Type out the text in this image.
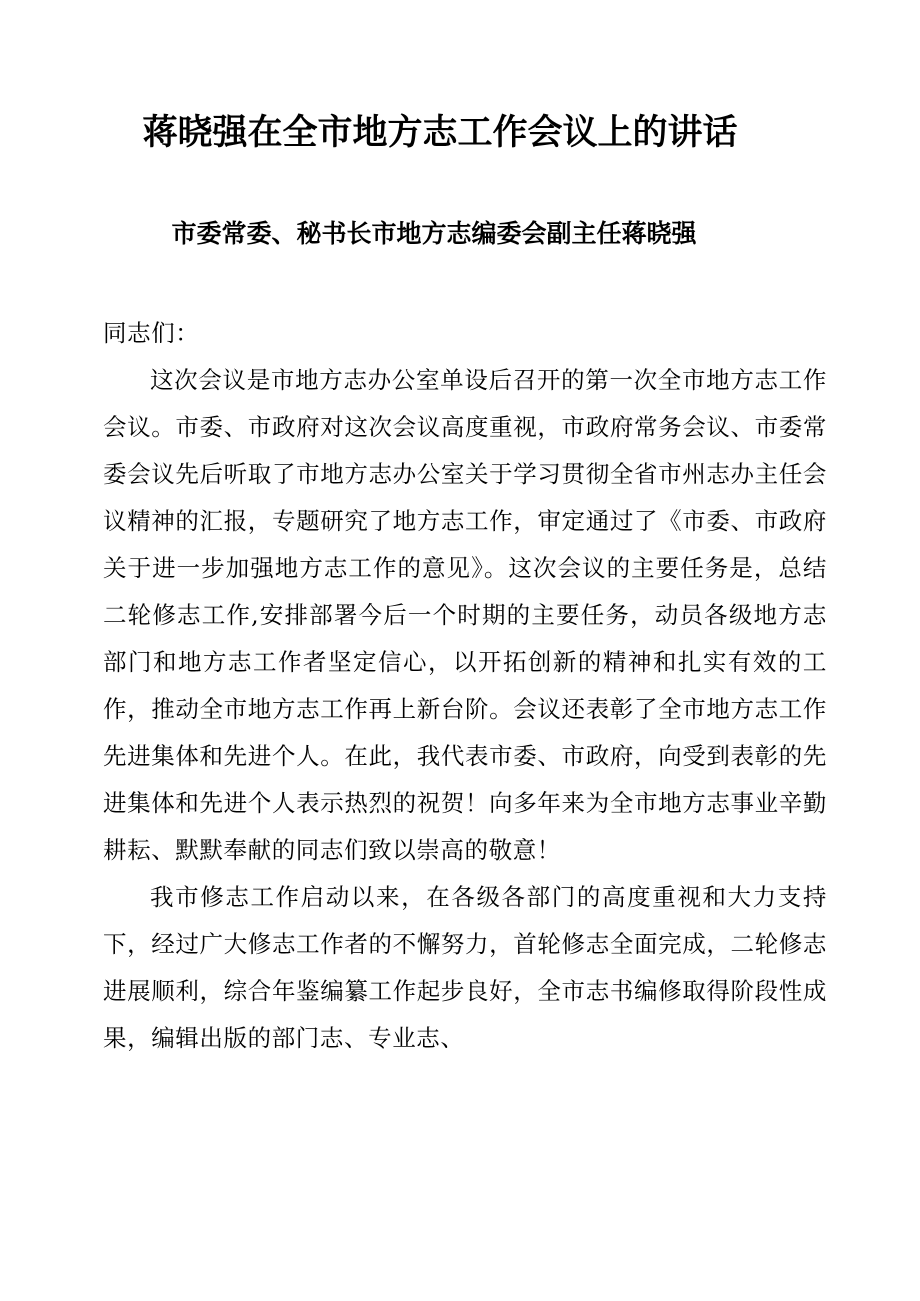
蒋晓强在全市地方志工作会议上的讲话
市委常委、秘书长市地方志编委会副主任蒋晓强
同志们：
这次会议是市地方志办公室单设后召开的第一次全市地方志工作会议。市委、市政府对这次会议高度重视，市政府常务会议、市委常委会议先后听取了市地方志办公室关于学习贯彻全省市州志办主任会议精神的汇报，专题研究了地方志工作，审定通过了《市委、市政府关于进一步加强地方志工作的意见》。这次会议的主要任务是，总结二轮修志工作,安排部署今后一个时期的主要任务，动员各级地方志部门和地方志工作者坚定信心，以开拓创新的精神和扎实有效的工作，推动全市地方志工作再上新台阶。会议还表彰了全市地方志工作先进集体和先进个人。在此，我代表市委、市政府，向受到表彰的先进集体和先进个人表示热烈的祝贺！向多年来为全市地方志事业辛勤耕耘、默默奉献的同志们致以崇高的敬意！
我市修志工作启动以来，在各级各部门的高度重视和大力支持下，经过广大修志工作者的不懈努力，首轮修志全面完成，二轮修志进展顺利，综合年鉴编纂工作起步良好，全市志书编修取得阶段性成果，编辑出版的部门志、专业志、
